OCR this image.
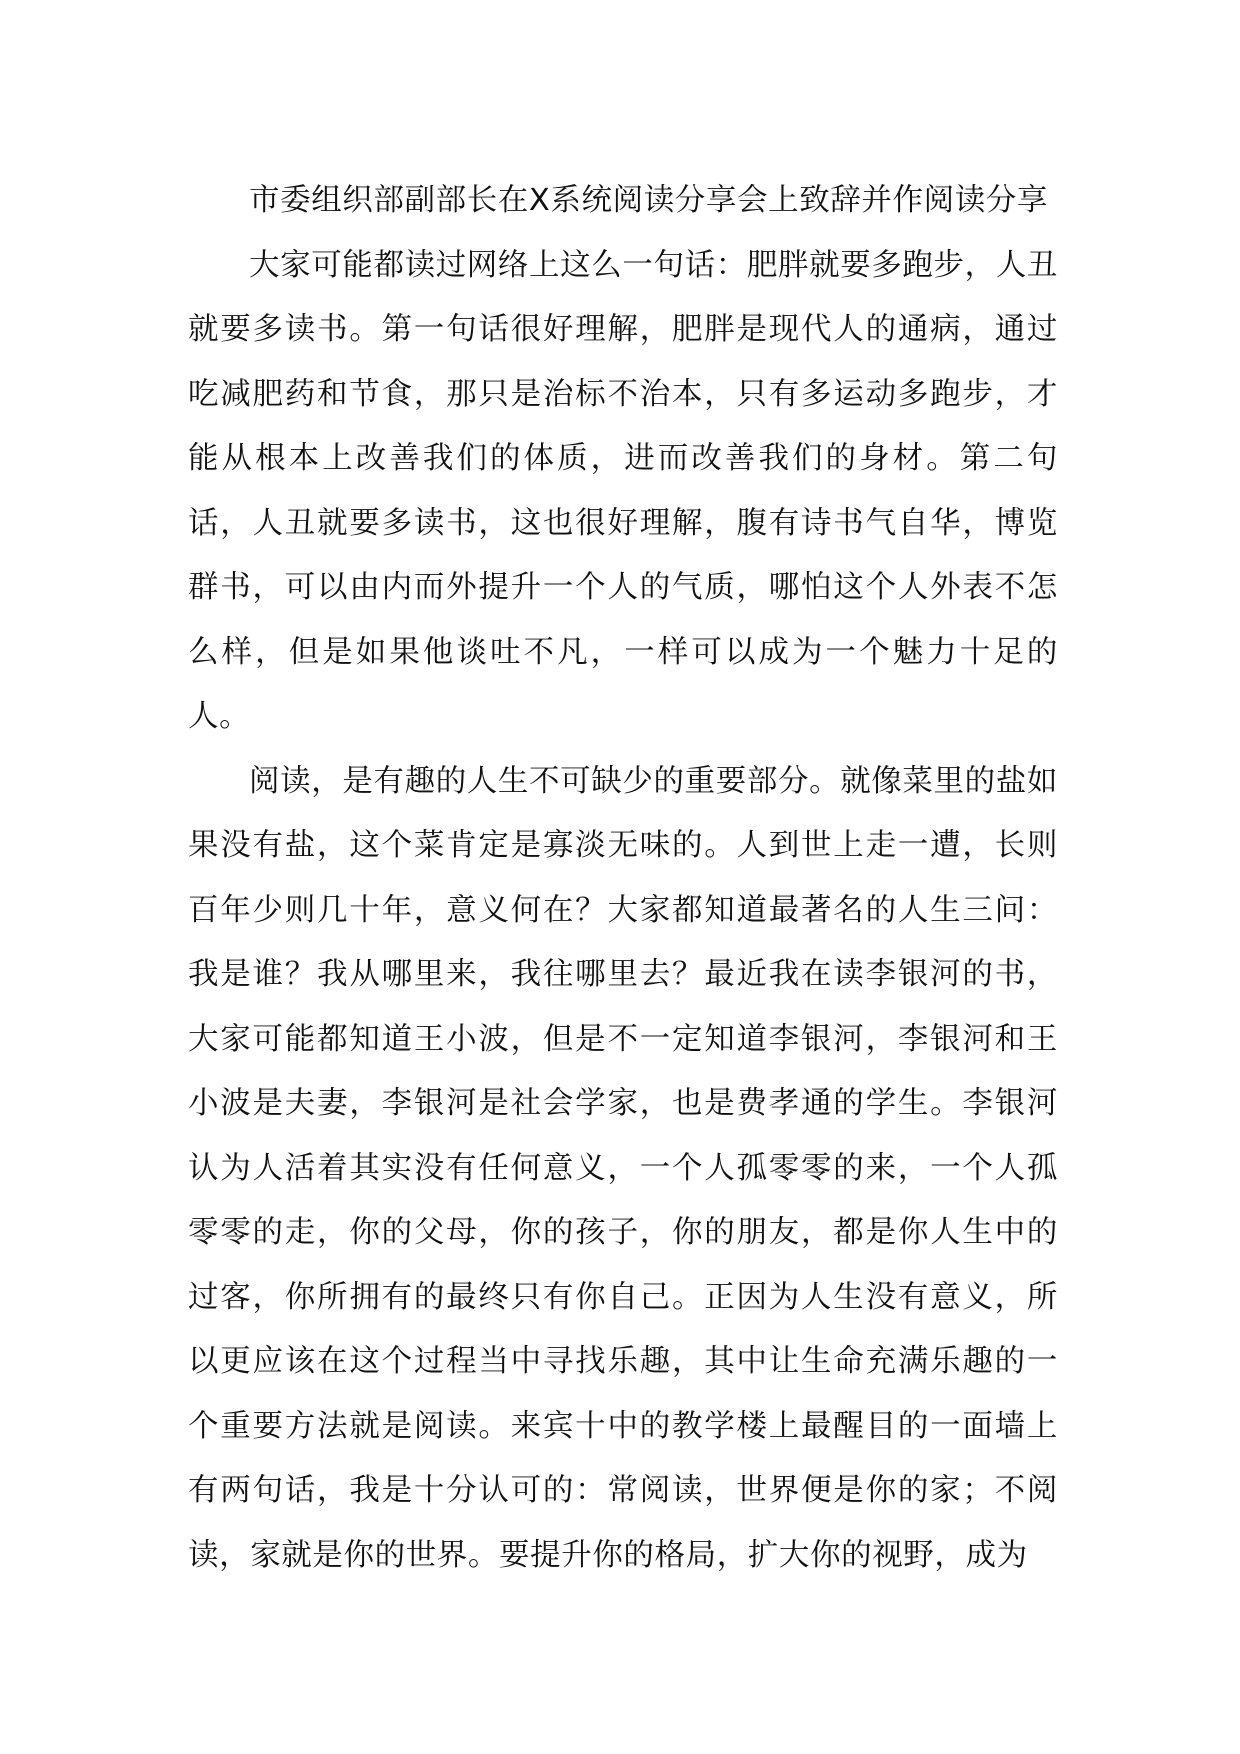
市委组织部副部长在X系统阅读分享会上致辞并作阅读分享

大家可能都读过网络上这么一句话：肥胖就要多跑步，人丑就要多读书。第一句话很好理解，肥胖是现代人的通病，通过吃减肥药和节食，那只是治标不治本，只有多运动多跑步，才能从根本上改善我们的体质，进而改善我们的身材。第二句话，人丑就要多读书，这也很好理解，腹有诗书气自华，博览群书，可以由内而外提升一个人的气质，哪怕这个人外表不怎么样，但是如果他谈吐不凡，一样可以成为一个魅力十足的人。

阅读，是有趣的人生不可缺少的重要部分。就像菜里的盐如果没有盐，这个菜肯定是寡淡无味的。人到世上走一遭，长则百年少则几十年，意义何在？大家都知道最著名的人生三问：我是谁？我从哪里来，我往哪里去？最近我在读李银河的书，大家可能都知道王小波，但是不一定知道李银河，李银河和王小波是夫妻，李银河是社会学家，也是费孝通的学生。李银河认为人活着其实没有任何意义，一个人孤零零的来，一个人孤零零的走，你的父母，你的孩子，你的朋友，都是你人生中的过客，你所拥有的最终只有你自己。正因为人生没有意义，所以更应该在这个过程当中寻找乐趣，其中让生命充满乐趣的一个重要方法就是阅读。来宾十中的教学楼上最醒目的一面墙上有两句话，我是十分认可的：常阅读，世界便是你的家；不阅读，家就是你的世界。要提升你的格局，扩大你的视野，成为
